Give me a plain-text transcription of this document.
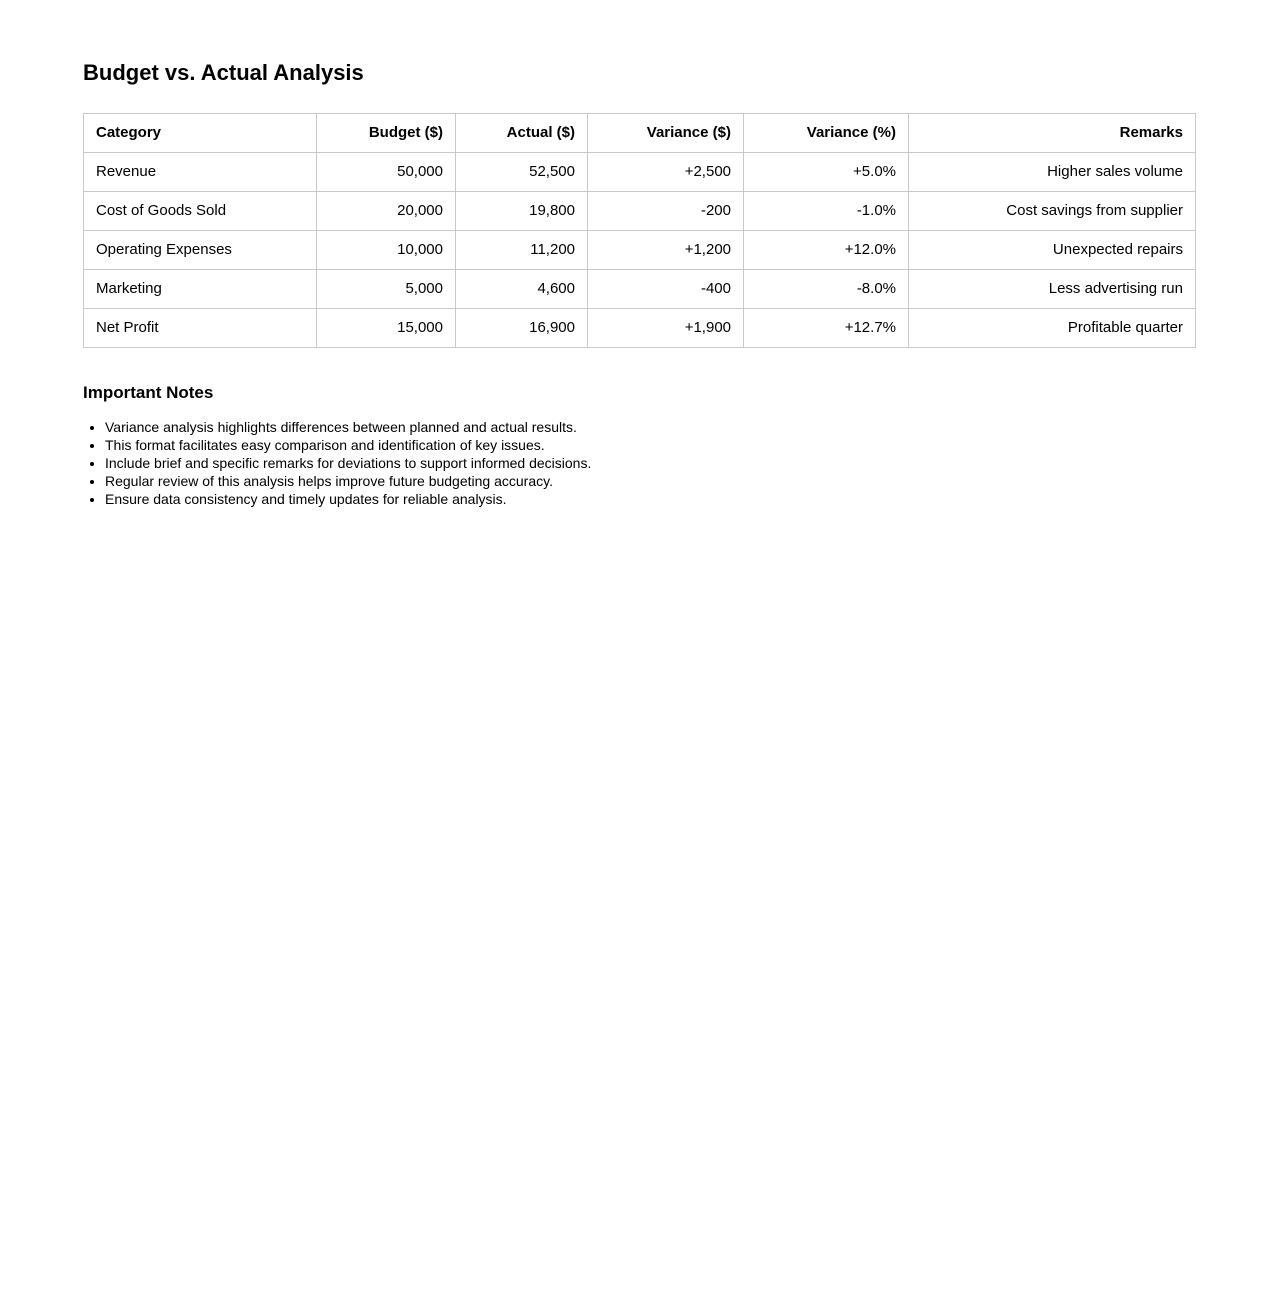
Budget vs. Actual Analysis
Category	Budget ($)	Actual ($)	Variance ($)	Variance (%)	Remarks
Revenue	50,000	52,500	+2,500	+5.0%	Higher sales volume
Cost of Goods Sold	20,000	19,800	-200	-1.0%	Cost savings from supplier
Operating Expenses	10,000	11,200	+1,200	+12.0%	Unexpected repairs
Marketing	5,000	4,600	-400	-8.0%	Less advertising run
Net Profit	15,000	16,900	+1,900	+12.7%	Profitable quarter
Important Notes
• Variance analysis highlights differences between planned and actual results.
• This format facilitates easy comparison and identification of key issues.
• Include brief and specific remarks for deviations to support informed decisions.
• Regular review of this analysis helps improve future budgeting accuracy.
• Ensure data consistency and timely updates for reliable analysis.
